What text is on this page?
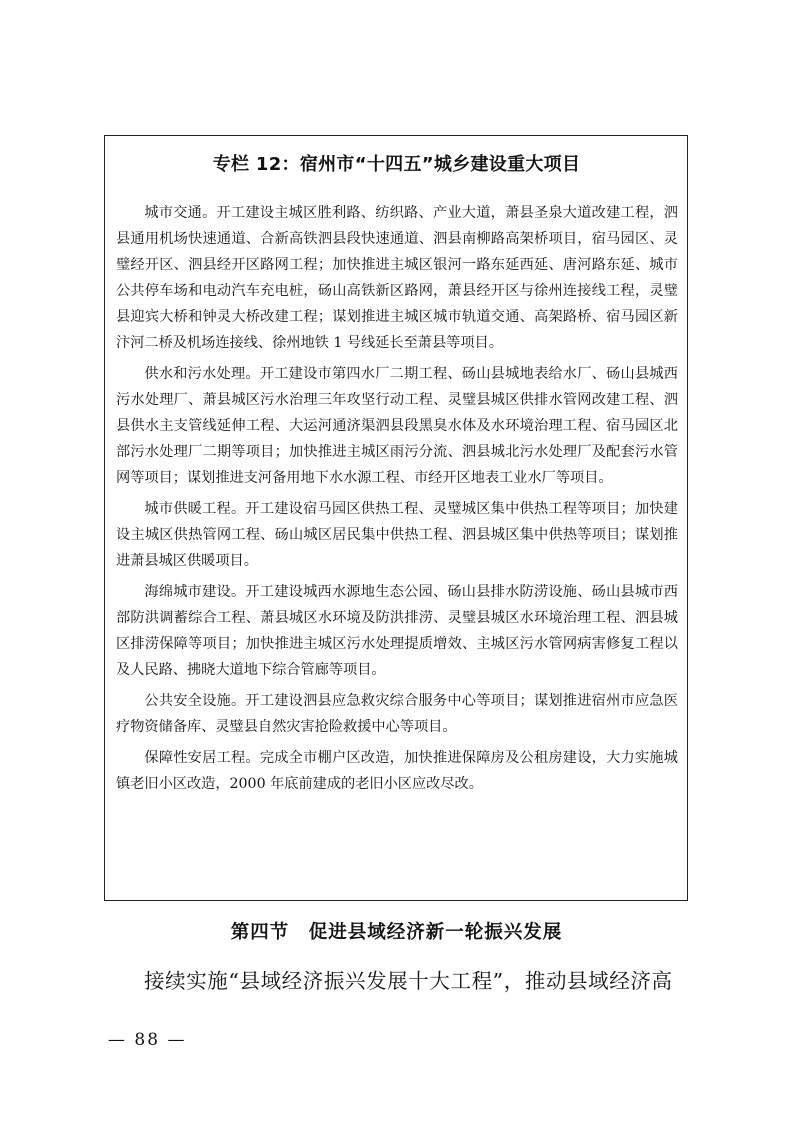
专栏 12：宿州市“十四五”城乡建设重大项目

城市交通。开工建设主城区胜利路、纺织路、产业大道，萧县圣泉大道改建工程，泗县通用机场快速通道、合新高铁泗县段快速通道、泗县南柳路高架桥项目，宿马园区、灵璧经开区、泗县经开区路网工程；加快推进主城区银河一路东延西延、唐河路东延、城市公共停车场和电动汽车充电桩，砀山高铁新区路网，萧县经开区与徐州连接线工程，灵璧县迎宾大桥和钟灵大桥改建工程；谋划推进主城区城市轨道交通、高架路桥、宿马园区新汴河二桥及机场连接线、徐州地铁 1 号线延长至萧县等项目。

供水和污水处理。开工建设市第四水厂二期工程、砀山县城地表给水厂、砀山县城西污水处理厂、萧县城区污水治理三年攻坚行动工程、灵璧县城区供排水管网改建工程、泗县供水主支管线延伸工程、大运河通济渠泗县段黑臭水体及水环境治理工程、宿马园区北部污水处理厂二期等项目；加快推进主城区雨污分流、泗县城北污水处理厂及配套污水管网等项目；谋划推进支河备用地下水水源工程、市经开区地表工业水厂等项目。

城市供暖工程。开工建设宿马园区供热工程、灵璧城区集中供热工程等项目；加快建设主城区供热管网工程、砀山城区居民集中供热工程、泗县城区集中供热等项目；谋划推进萧县城区供暖项目。

海绵城市建设。开工建设城西水源地生态公园、砀山县排水防涝设施、砀山县城市西部防洪调蓄综合工程、萧县城区水环境及防洪排涝、灵璧县城区水环境治理工程、泗县城区排涝保障等项目；加快推进主城区污水处理提质增效、主城区污水管网病害修复工程以及人民路、拂晓大道地下综合管廊等项目。

公共安全设施。开工建设泗县应急救灾综合服务中心等项目；谋划推进宿州市应急医疗物资储备库、灵璧县自然灾害抢险救援中心等项目。

保障性安居工程。完成全市棚户区改造，加快推进保障房及公租房建设，大力实施城镇老旧小区改造，2000 年底前建成的老旧小区应改尽改。

第四节　促进县域经济新一轮振兴发展
接续实施“县域经济振兴发展十大工程”，推动县域经济高
— 88 —
